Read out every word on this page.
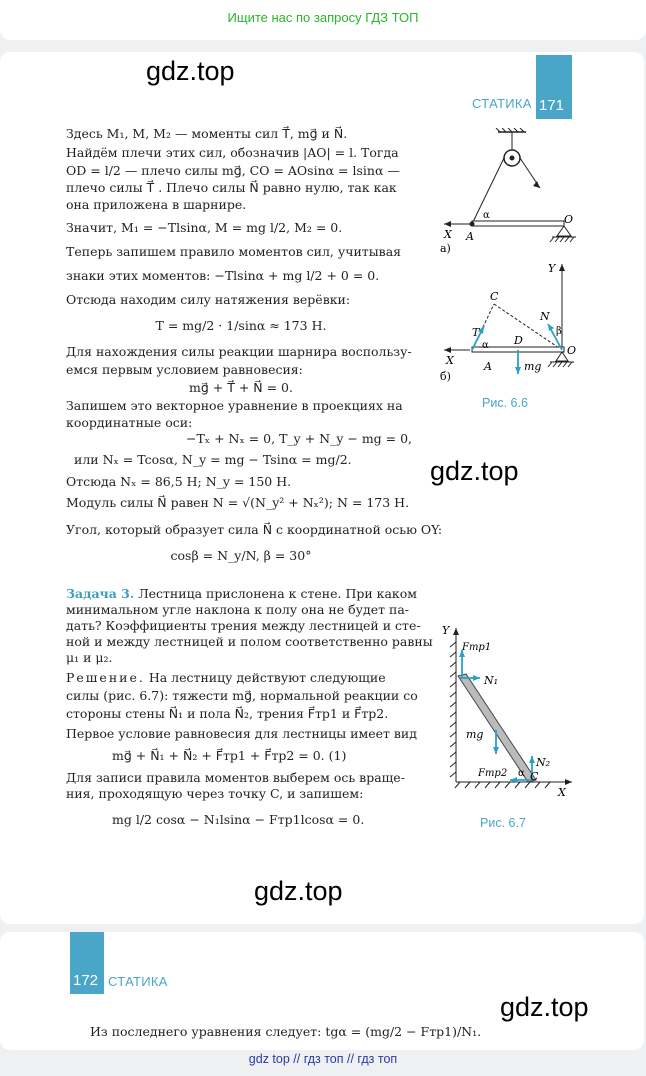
Ищите нас по запросу ГДЗ ТОП
gdz.top
СТАТИКА 171
Здесь M₁, M, M₂ — моменты сил T⃗, mg⃗ и N⃗.
Найдём плечи этих сил, обозначив |AO| = l. Тогда
OD = l/2 — плечо силы mg⃗, CO = AOsinα = lsinα —
плечо силы T⃗ . Плечо силы N⃗ равно нулю, так как
она приложена в шарнире.
Значит, M₁ = −Tlsinα, M = mg l/2, M₂ = 0.
Теперь запишем правило моментов сил, учитывая
знаки этих моментов: −Tlsinα + mg l/2 + 0 = 0.
Отсюда находим силу натяжения верёвки:
T = mg/2 · 1/sinα ≈ 173 Н.
Для нахождения силы реакции шарнира воспользу-
емся первым условием равновесия:
mg⃗ + T⃗ + N⃗ = 0.
Запишем это векторное уравнение в проекциях на
координатные оси:
−Tₓ + Nₓ = 0, T_y + N_y − mg = 0,
или Nₓ = Tcosα, N_y = mg − Tsinα = mg/2.
Отсюда Nₓ = 86,5 Н; N_y = 150 Н.
Модуль силы N⃗ равен N = √(N_y² + Nₓ²); N = 173 Н.
Угол, который образует сила N⃗ с координатной осью OY:
cosβ = N_y/N, β = 30°
gdz.top
Задача 3. Лестница прислонена к стене. При каком
минимальном угле наклона к полу она не будет па-
дать? Коэффициенты трения между лестницей и сте-
ной и между лестницей и полом соответственно равны
μ₁ и μ₂.
Решение. На лестницу действуют следующие
силы (рис. 6.7): тяжести mg⃗, нормальной реакции со
стороны стены N⃗₁ и пола N⃗₂, трения F⃗тр1 и F⃗тр2.
Первое условие равновесия для лестницы имеет вид
mg⃗ + N⃗₁ + N⃗₂ + F⃗тр1 + F⃗тр2 = 0. (1)
Для записи правила моментов выберем ось враще-
ния, проходящую через точку C, и запишем:
mg l/2 cosα − N₁lsinα − Fтр1lcosα = 0.
gdz.top
α
A
O
X
а)
Y
C
T
N
β
α D
mg
A
O
X
б)
Рис. 6.6
Y
Fтр1
N₁
mg
N₂
Fтр2 α C
X
Рис. 6.7
172 СТАТИКА
gdz.top
Из последнего уравнения следует: tgα = (mg/2 − Fтр1)/N₁.
gdz top // гдз топ // гдз топ
